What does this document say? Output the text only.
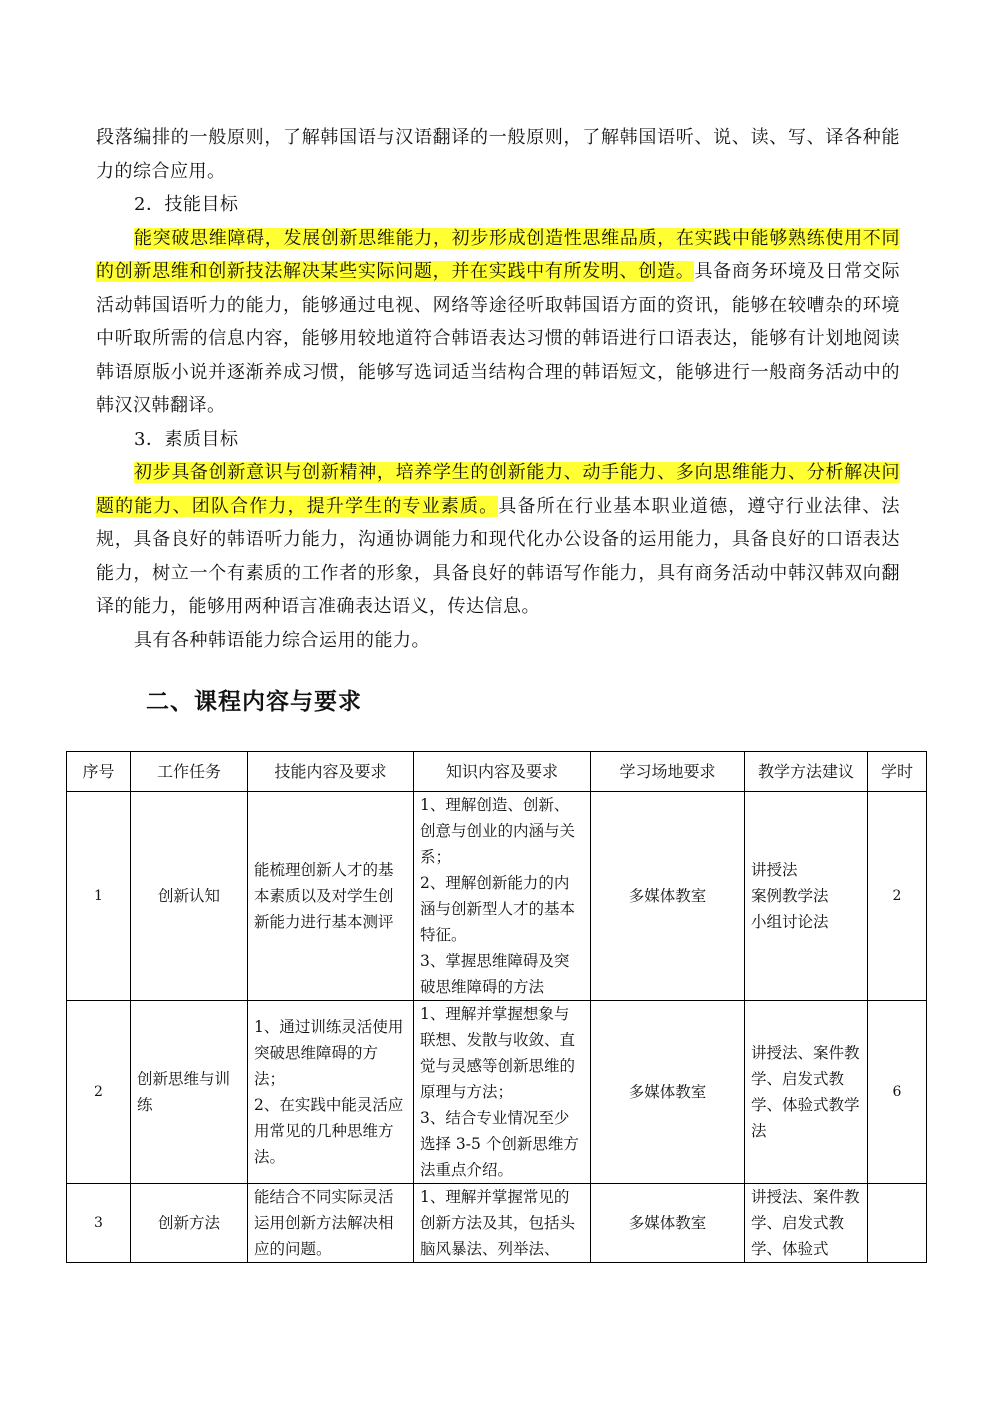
段落编排的一般原则，了解韩国语与汉语翻译的一般原则，了解韩国语听、说、读、写、译各种能力的综合应用。

2．技能目标

能突破思维障碍，发展创新思维能力，初步形成创造性思维品质，在实践中能够熟练使用不同的创新思维和创新技法解决某些实际问题，并在实践中有所发明、创造。具备商务环境及日常交际活动韩国语听力的能力，能够通过电视、网络等途径听取韩国语方面的资讯，能够在较嘈杂的环境中听取所需的信息内容，能够用较地道符合韩语表达习惯的韩语进行口语表达，能够有计划地阅读韩语原版小说并逐渐养成习惯，能够写选词适当结构合理的韩语短文，能够进行一般商务活动中的韩汉汉韩翻译。

3．素质目标

初步具备创新意识与创新精神，培养学生的创新能力、动手能力、多向思维能力、分析解决问题的能力、团队合作力，提升学生的专业素质。具备所在行业基本职业道德，遵守行业法律、法规，具备良好的韩语听力能力，沟通协调能力和现代化办公设备的运用能力，具备良好的口语表达能力，树立一个有素质的工作者的形象，具备良好的韩语写作能力，具有商务活动中韩汉韩双向翻译的能力，能够用两种语言准确表达语义，传达信息。

具有各种韩语能力综合运用的能力。

二、课程内容与要求
序号	工作任务	技能内容及要求	知识内容及要求	学习场地要求	教学方法建议	学时
1	创新认知	能梳理创新人才的基本素质以及对学生创新能力进行基本测评	1、理解创造、创新、创意与创业的内涵与关系；
2、理解创新能力的内涵与创新型人才的基本特征。
3、掌握思维障碍及突破思维障碍的方法	多媒体教室	讲授法
案例教学法
小组讨论法	2
2	创新思维与训练	1、通过训练灵活使用突破思维障碍的方法；
2、在实践中能灵活应用常见的几种思维方法。	1、理解并掌握想象与联想、发散与收敛、直觉与灵感等创新思维的原理与方法；
3、结合专业情况至少选择 3-5 个创新思维方法重点介绍。	多媒体教室	讲授法、案件教学、启发式教学、体验式教学法	6
3	创新方法	能结合不同实际灵活运用创新方法解决相应的问题。	1、理解并掌握常见的创新方法及其，包括头脑风暴法、列举法、	多媒体教室	讲授法、案件教学、启发式教学、体验式	
